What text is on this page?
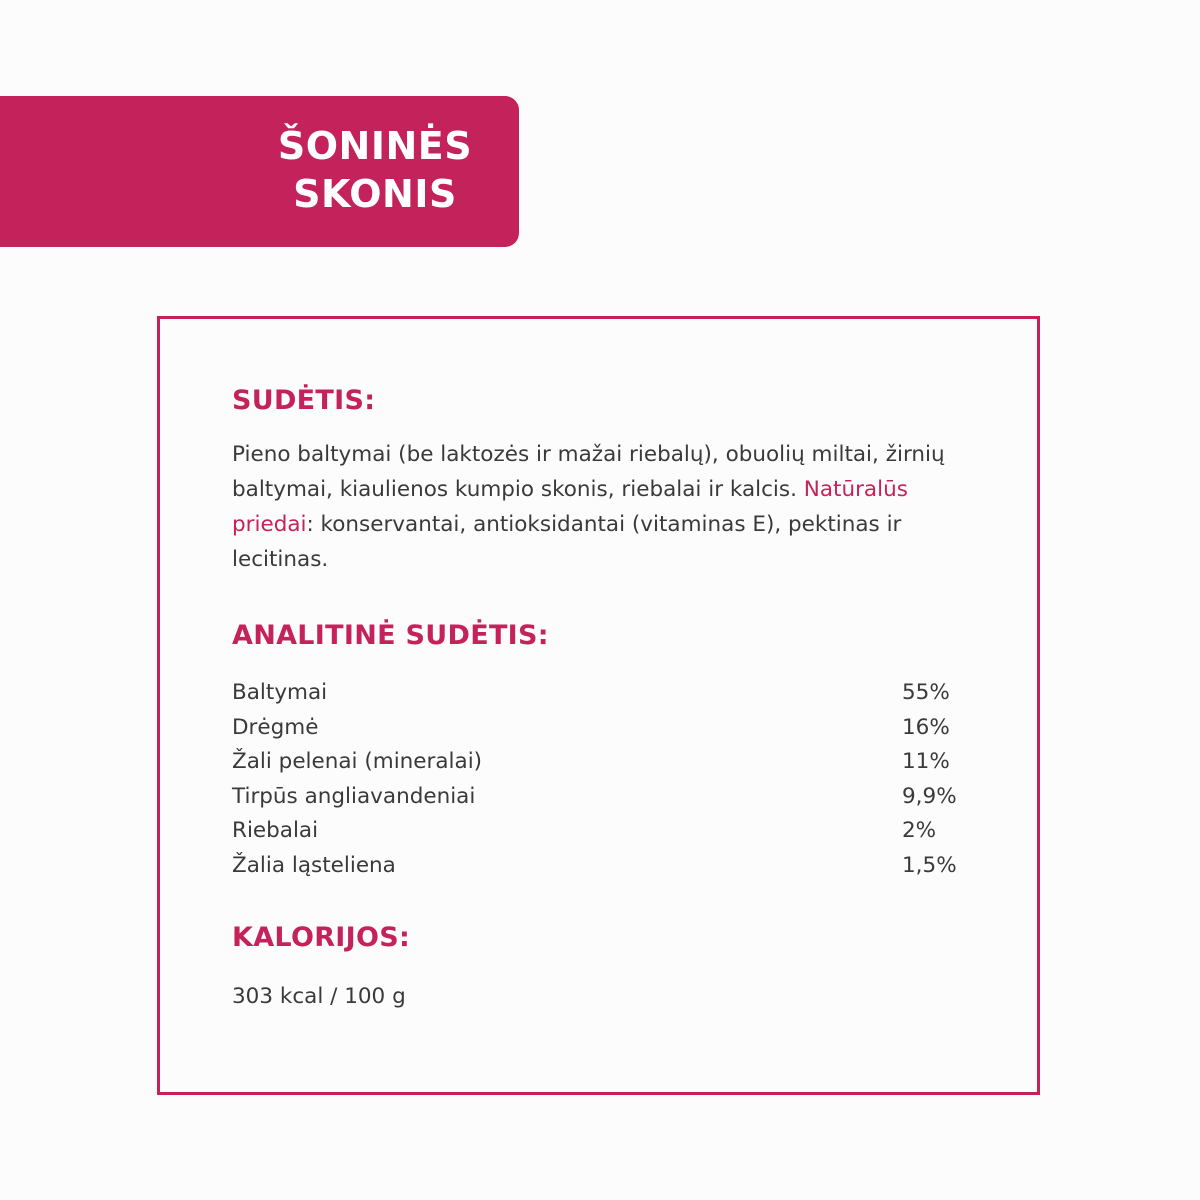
ŠONINĖS
SKONIS
SUDĖTIS:

Pieno baltymai (be laktozės ir mažai riebalų), obuolių miltai, žirnių baltymai, kiaulienos kumpio skonis, riebalai ir kalcis. Natūralūs priedai: konservantai, antioksidantai (vitaminas E), pektinas ir lecitinas.

ANALITINĖ SUDĖTIS:
Baltymai	55%
Drėgmė	16%
Žali pelenai (mineralai)	11%
Tirpūs angliavandeniai	9,9%
Riebalai	2%
Žalia ląsteliena	1,5%
KALORIJOS:

303 kcal / 100 g
